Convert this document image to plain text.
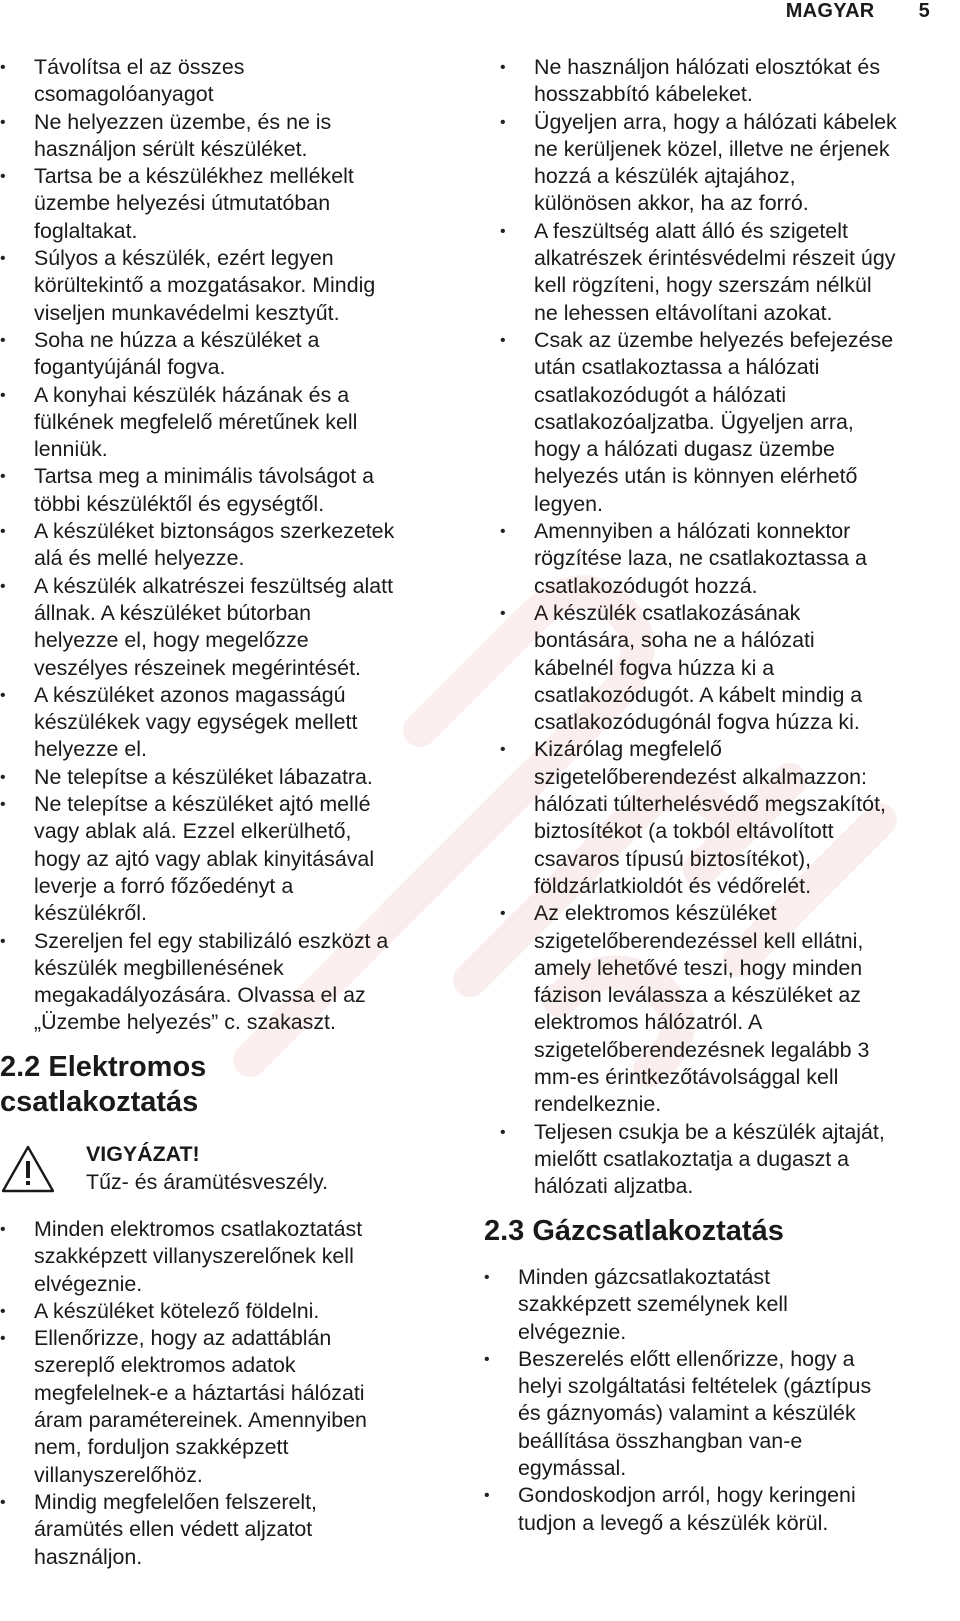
MAGYAR 5
• Távolítsa el az összes
csomagolóanyagot
• Ne helyezzen üzembe, és ne is
használjon sérült készüléket.
• Tartsa be a készülékhez mellékelt
üzembe helyezési útmutatóban
foglaltakat.
• Súlyos a készülék, ezért legyen
körültekintő a mozgatásakor. Mindig
viseljen munkavédelmi kesztyűt.
• Soha ne húzza a készüléket a
fogantyújánál fogva.
• A konyhai készülék házának és a
fülkének megfelelő méretűnek kell
lenniük.
• Tartsa meg a minimális távolságot a
többi készüléktől és egységtől.
• A készüléket biztonságos szerkezetek
alá és mellé helyezze.
• A készülék alkatrészei feszültség alatt
állnak. A készüléket bútorban
helyezze el, hogy megelőzze
veszélyes részeinek megérintését.
• A készüléket azonos magasságú
készülékek vagy egységek mellett
helyezze el.
• Ne telepítse a készüléket lábazatra.
• Ne telepítse a készüléket ajtó mellé
vagy ablak alá. Ezzel elkerülhető,
hogy az ajtó vagy ablak kinyitásával
leverje a forró főzőedényt a
készülékről.
• Szereljen fel egy stabilizáló eszközt a
készülék megbillenésének
megakadályozására. Olvassa el az
„Üzembe helyezés” c. szakaszt.
2.2 Elektromos
csatlakoztatás
VIGYÁZAT!
Tűz- és áramütésveszély.
• Minden elektromos csatlakoztatást
szakképzett villanyszerelőnek kell
elvégeznie.
• A készüléket kötelező földelni.
• Ellenőrizze, hogy az adattáblán
szereplő elektromos adatok
megfelelnek-e a háztartási hálózati
áram paramétereinek. Amennyiben
nem, forduljon szakképzett
villanyszerelőhöz.
• Mindig megfelelően felszerelt,
áramütés ellen védett aljzatot
használjon.
• Ne használjon hálózati elosztókat és
hosszabbító kábeleket.
• Ügyeljen arra, hogy a hálózati kábelek
ne kerüljenek közel, illetve ne érjenek
hozzá a készülék ajtajához,
különösen akkor, ha az forró.
• A feszültség alatt álló és szigetelt
alkatrészek érintésvédelmi részeit úgy
kell rögzíteni, hogy szerszám nélkül
ne lehessen eltávolítani azokat.
• Csak az üzembe helyezés befejezése
után csatlakoztassa a hálózati
csatlakozódugót a hálózati
csatlakozóaljzatba. Ügyeljen arra,
hogy a hálózati dugasz üzembe
helyezés után is könnyen elérhető
legyen.
• Amennyiben a hálózati konnektor
rögzítése laza, ne csatlakoztassa a
csatlakozódugót hozzá.
• A készülék csatlakozásának
bontására, soha ne a hálózati
kábelnél fogva húzza ki a
csatlakozódugót. A kábelt mindig a
csatlakozódugónál fogva húzza ki.
• Kizárólag megfelelő
szigetelőberendezést alkalmazzon:
hálózati túlterhelésvédő megszakítót,
biztosítékot (a tokból eltávolított
csavaros típusú biztosítékot),
földzárlatkioldót és védőrelét.
• Az elektromos készüléket
szigetelőberendezéssel kell ellátni,
amely lehetővé teszi, hogy minden
fázison leválassza a készüléket az
elektromos hálózatról. A
szigetelőberendezésnek legalább 3
mm-es érintkezőtávolsággal kell
rendelkeznie.
• Teljesen csukja be a készülék ajtaját,
mielőtt csatlakoztatja a dugaszt a
hálózati aljzatba.
2.3 Gázcsatlakoztatás
• Minden gázcsatlakoztatást
szakképzett személynek kell
elvégeznie.
• Beszerelés előtt ellenőrizze, hogy a
helyi szolgáltatási feltételek (gáztípus
és gáznyomás) valamint a készülék
beállítása összhangban van-e
egymással.
• Gondoskodjon arról, hogy keringeni
tudjon a levegő a készülék körül.
